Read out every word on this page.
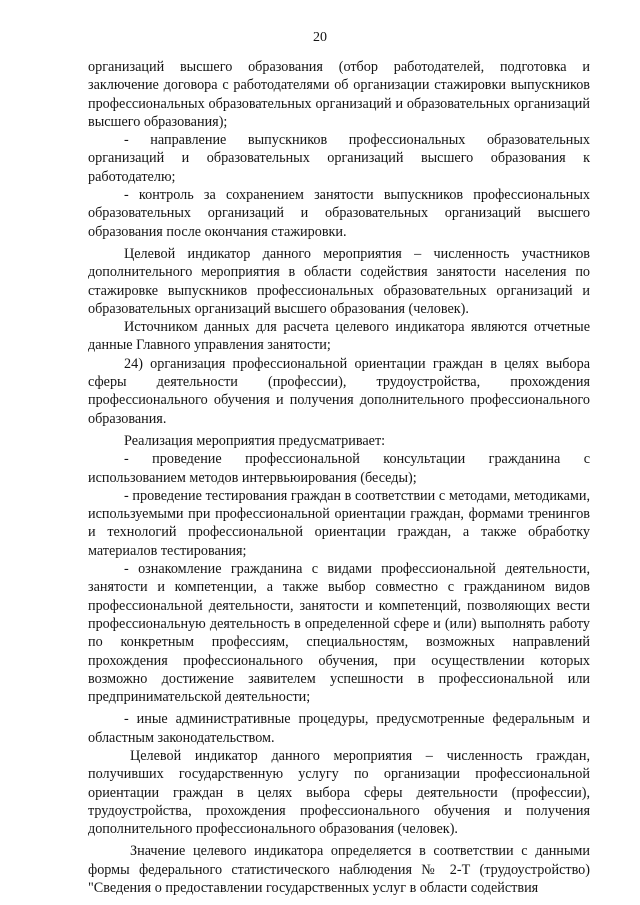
20

организаций высшего образования (отбор работодателей, подготовка и заключение договора с работодателями об организации стажировки выпускников профессиональных образовательных организаций и образовательных организаций высшего образования);

- направление выпускников профессиональных образовательных организаций и образовательных организаций высшего образования к работодателю;

- контроль за сохранением занятости выпускников профессиональных образовательных организаций и образовательных организаций высшего образования после окончания стажировки.

Целевой индикатор данного мероприятия – численность участников дополнительного мероприятия в области содействия занятости населения по стажировке выпускников профессиональных образовательных организаций и образовательных организаций высшего образования (человек).

Источником данных для расчета целевого индикатора являются отчетные данные Главного управления занятости;

24) организация профессиональной ориентации граждан в целях выбора сферы деятельности (профессии), трудоустройства, прохождения профессионального обучения и получения дополнительного профессионального образования.

Реализация мероприятия предусматривает:

- проведение профессиональной консультации гражданина с использованием методов интервьюирования (беседы);

- проведение тестирования граждан в соответствии с методами, методиками, используемыми при профессиональной ориентации граждан, формами тренингов и технологий профессиональной ориентации граждан, а также обработку материалов тестирования;

- ознакомление гражданина с видами профессиональной деятельности, занятости и компетенции, а также выбор совместно с гражданином видов профессиональной деятельности, занятости и компетенций, позволяющих вести профессиональную деятельность в определенной сфере и (или) выполнять работу по конкретным профессиям, специальностям, возможных направлений прохождения профессионального обучения, при осуществлении которых возможно достижение заявителем успешности в профессиональной или предпринимательской деятельности;

- иные административные процедуры, предусмотренные федеральным и областным законодательством.

Целевой индикатор данного мероприятия – численность граждан, получивших государственную услугу по организации профессиональной ориентации граждан в целях выбора сферы деятельности (профессии), трудоустройства, прохождения профессионального обучения и получения дополнительного профессионального образования (человек).

Значение целевого индикатора определяется в соответствии с данными формы федерального статистического наблюдения № 2-Т (трудоустройство) "Сведения о предоставлении государственных услуг в области содействия
